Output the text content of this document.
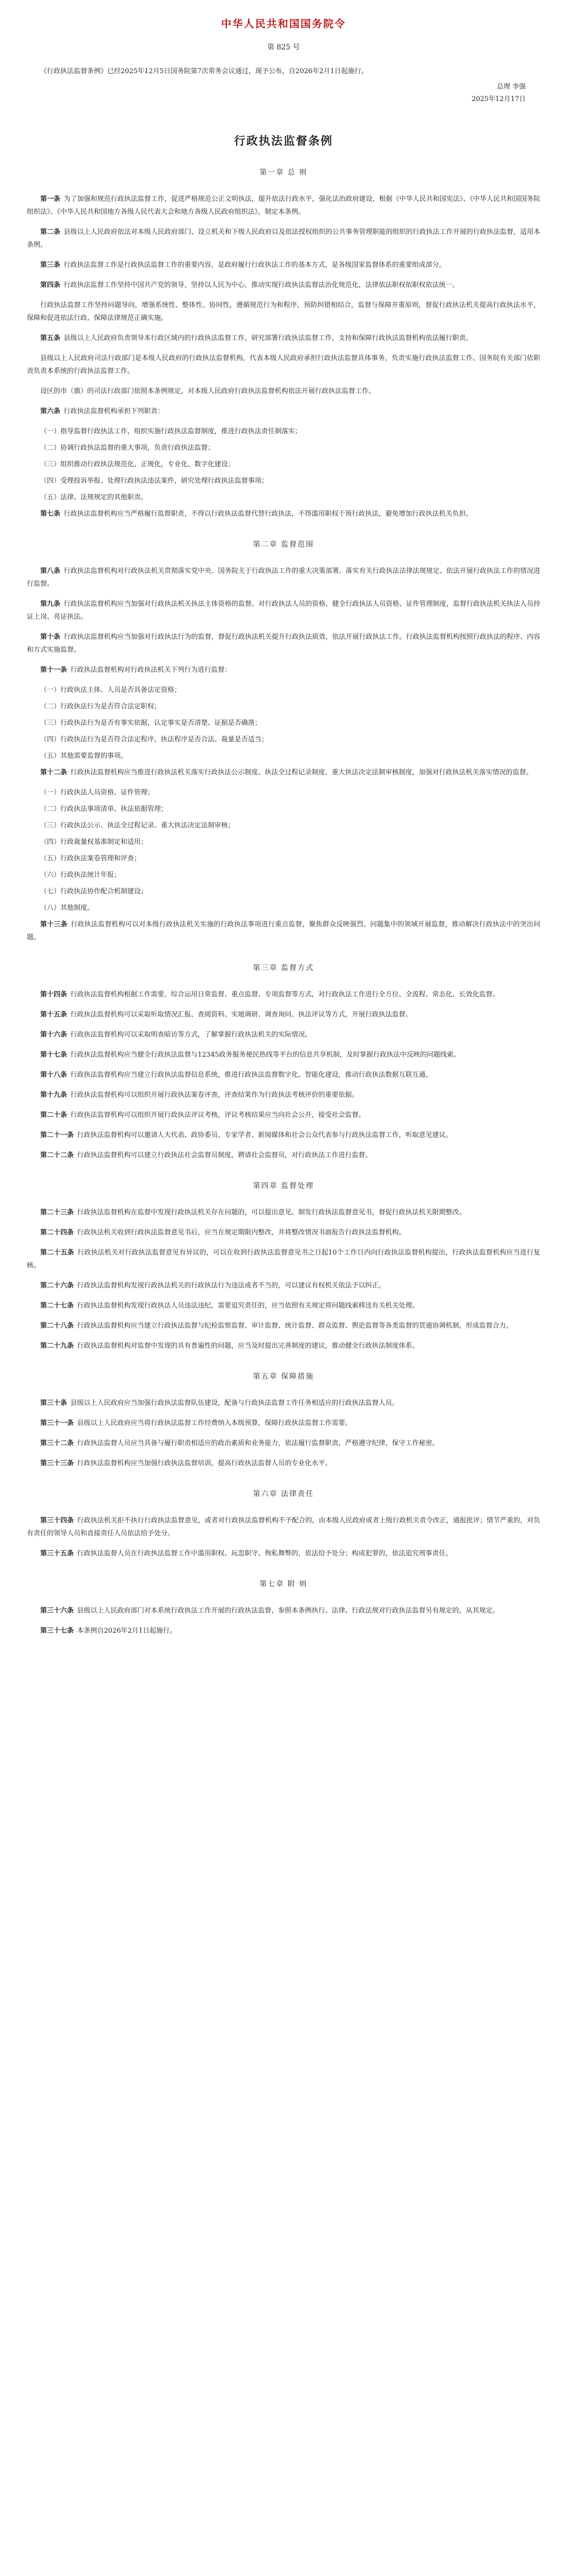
中华人民共和国国务院令
第 825 号

《行政执法监督条例》已经2025年12月5日国务院第7次常务会议通过，现予公布，自2026年2月1日起施行。

总理 李强
2025年12月17日
行政执法监督条例
第一章 总 则

第一条 为了加强和规范行政执法监督工作，促进严格规范公正文明执法，提升依法行政水平，强化法治政府建设，根据《中华人民共和国宪法》、《中华人民共和国国务院组织法》、《中华人民共和国地方各级人民代表大会和地方各级人民政府组织法》，制定本条例。

第二条 县级以上人民政府依法对本级人民政府部门、设立机关和下级人民政府以及依法授权组织的公共事务管理职能的组织的行政执法工作开展的行政执法监督，适用本条例。

第三条 行政执法监督工作是行政执法监督工作的重要内容，是政府履行行政执法工作的基本方式，是各级国家监督体系的重要组成部分。

第四条 行政执法监督工作坚持中国共产党的领导，坚持以人民为中心，推动实现行政执法监督法治化规范化，法律依法职权依职权依法统一。

行政执法监督工作坚持问题导向，增强系统性、整体性、协同性，遵循规范行为和程序，预防纠错相结合，监督与保障并重原则，督促行政执法机关提高行政执法水平，保障和促进依法行政、保障法律规范正确实施。

第五条 县级以上人民政府负责领导本行政区域内的行政执法监督工作，研究部署行政执法监督工作，支持和保障行政执法监督机构依法履行职责。

县级以上人民政府司法行政部门是本级人民政府的行政执法监督机构，代表本级人民政府承担行政执法监督具体事务，负责实施行政执法监督工作。国务院有关部门依职责负责本系统的行政执法监督工作。

设区的市（旗）的司法行政部门依照本条例规定，对本级人民政府行政执法监督机构依法开展行政执法监督工作。

第六条 行政执法监督机构承担下列职责：

（一）指导监督行政执法工作，组织实施行政执法监督制度，推进行政执法责任制落实；

（二）协调行政执法监督的重大事项，负责行政执法监督；

（三）组织推动行政执法规范化、正规化，专业化、数字化建设；

（四）受理投诉举报、处理行政执法违法案件，研究处理行政执法监督事项；

（五）法律、法规规定的其他职责。

第七条 行政执法监督机构应当严格履行监督职责，不得以行政执法监督代替行政执法，不得滥用职权干预行政执法，避免增加行政执法机关负担。

第二章 监督范围

第八条 行政执法监督机构对行政执法机关贯彻落实党中央、国务院关于行政执法工作的重大决策部署、落实有关行政执法法律法规规定、依法开展行政执法工作的情况进行监督。

第九条 行政执法监督机构应当加强对行政执法机关执法主体资格的监督。对行政执法人员的资格、健全行政执法人员资格、证件管理制度，监督行政执法机关执法人员持证上岗、亮证执法。

第十条 行政执法监督机构应当加强对行政执法行为的监督，督促行政执法机关提升行政执法质效，依法开展行政执法工作。行政执法监督机构按照行政执法的程序、内容和方式实施监督。

第十一条 行政执法监督机构对行政执法机关下列行为进行监督：

（一）行政执法主体、人员是否具备法定资格；

（二）行政执法行为是否符合法定职权；

（三）行政执法行为是否有事实依据，认定事实是否清楚、证据是否确凿；

（四）行政执法行为是否符合法定程序，执法程序是否合法、裁量是否适当；

（五）其他需要监督的事项。

第十二条 行政执法监督机构应当推进行政执法机关落实行政执法公示制度、执法全过程记录制度、重大执法决定法制审核制度，加强对行政执法机关落实情况的监督。

（一）行政执法人员资格、证件管理；

（二）行政执法事项清单、执法依据管理；

（三）行政执法公示、执法全过程记录、重大执法决定法制审核；

（四）行政裁量权基准制定和适用；

（五）行政执法案卷管理和评查；

（六）行政执法统计年报；

（七）行政执法协作配合机制建设；

（八）其他制度。

第十三条 行政执法监督机构可以对本级行政执法机关实施的行政执法事项进行重点监督，聚焦群众反映强烈、问题集中的领域开展监督，推动解决行政执法中的突出问题。

第三章 监督方式

第十四条 行政执法监督机构根据工作需要，综合运用日常监督、重点监督、专项监督等方式，对行政执法工作进行全方位、全流程、常态化、长效化监督。

第十五条 行政执法监督机构可以采取听取情况汇报、查阅资料、实地调研、调查询问、执法评议等方式，开展行政执法监督。

第十六条 行政执法监督机构可以采取明查暗访等方式，了解掌握行政执法机关的实际情况。

第十七条 行政执法监督机构应当健全行政执法监督与12345政务服务便民热线等平台的信息共享机制，及时掌握行政执法中反映的问题线索。

第十八条 行政执法监督机构应当建立行政执法监督信息系统，推进行政执法监督数字化、智能化建设，推动行政执法数据互联互通。

第十九条 行政执法监督机构可以组织开展行政执法案卷评查，评查结果作为行政执法考核评价的重要依据。

第二十条 行政执法监督机构可以组织开展行政执法评议考核，评议考核结果应当向社会公开，接受社会监督。

第二十一条 行政执法监督机构可以邀请人大代表、政协委员、专家学者、新闻媒体和社会公众代表参与行政执法监督工作，听取意见建议。

第二十二条 行政执法监督机构可以建立行政执法社会监督员制度，聘请社会监督员，对行政执法工作进行监督。

第四章 监督处理

第二十三条 行政执法监督机构在监督中发现行政执法机关存在问题的，可以提出意见、制发行政执法监督意见书，督促行政执法机关限期整改。

第二十四条 行政执法机关收到行政执法监督意见书后，应当在规定期限内整改，并将整改情况书面报告行政执法监督机构。

第二十五条 行政执法机关对行政执法监督意见有异议的，可以在收到行政执法监督意见书之日起10个工作日内向行政执法监督机构提出，行政执法监督机构应当进行复核。

第二十六条 行政执法监督机构发现行政执法机关的行政执法行为违法或者不当的，可以建议有权机关依法予以纠正。

第二十七条 行政执法监督机构发现行政执法人员违法违纪，需要追究责任的，应当依照有关规定将问题线索移送有关机关处理。

第二十八条 行政执法监督机构应当建立行政执法监督与纪检监察监督、审计监督、统计监督、群众监督、舆论监督等各类监督的贯通协调机制，形成监督合力。

第二十九条 行政执法监督机构对监督中发现的具有普遍性的问题，应当及时提出完善制度的建议，推动健全行政执法制度体系。

第五章 保障措施

第三十条 县级以上人民政府应当加强行政执法监督队伍建设，配备与行政执法监督工作任务相适应的行政执法监督人员。

第三十一条 县级以上人民政府应当将行政执法监督工作经费纳入本级预算，保障行政执法监督工作需要。

第三十二条 行政执法监督人员应当具备与履行职责相适应的政治素质和业务能力，依法履行监督职责，严格遵守纪律，保守工作秘密。

第三十三条 行政执法监督机构应当加强行政执法监督培训，提高行政执法监督人员的专业化水平。

第六章 法律责任

第三十四条 行政执法机关拒不执行行政执法监督意见，或者对行政执法监督机构不予配合的，由本级人民政府或者上级行政机关责令改正，通报批评；情节严重的，对负有责任的领导人员和直接责任人员依法给予处分。

第三十五条 行政执法监督人员在行政执法监督工作中滥用职权、玩忽职守、徇私舞弊的，依法给予处分；构成犯罪的，依法追究刑事责任。

第七章 附 则

第三十六条 县级以上人民政府部门对本系统行政执法工作开展的行政执法监督，参照本条例执行。法律、行政法规对行政执法监督另有规定的，从其规定。

第三十七条 本条例自2026年2月1日起施行。
